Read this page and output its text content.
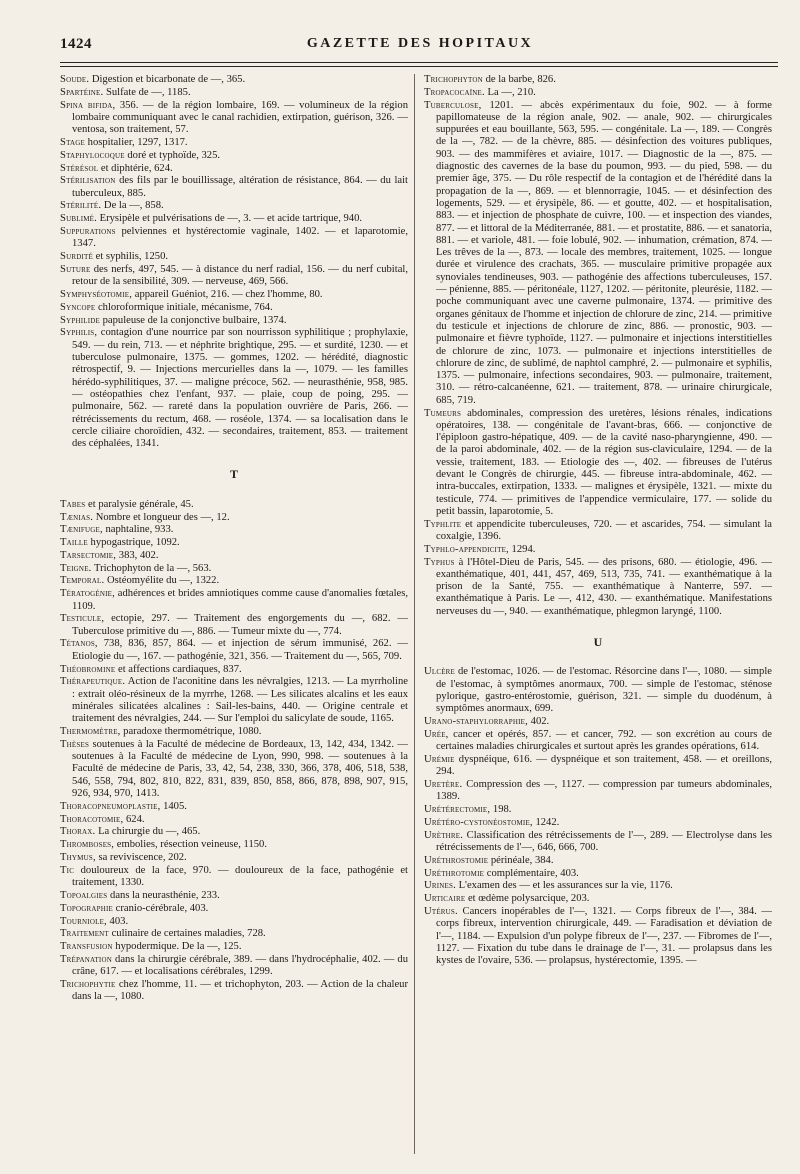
1424	GAZETTE DES HOPITAUX
Soude. Digestion et bicarbonate de —, 365.
Spartéine. Sulfate de —, 1185.
Spina bifida, 356. — de la région lombaire, 169. — volumineux de la région lombaire communiquant avec le canal rachidien, extirpation, guérison, 326. — ventosa, son traitement, 57.
Stage hospitalier, 1297, 1317.
Staphylocoque doré et typhoïde, 325.
Stérésol et diphtérie, 624.
Stérilisation des fils par le bouillissage, altération de résistance, 864. — du lait tuberculeux, 885.
Stérilité. De la —, 858.
Sublimé. Erysipèle et pulvérisations de —, 3. — et acide tartrique, 940.
Suppurations pelviennes et hystérectomie vaginale, 1402. — et laparotomie, 1347.
Surdité et syphilis, 1250.
Suture des nerfs, 497, 545. — à distance du nerf radial, 156. — du nerf cubital, retour de la sensibilité, 309. — nerveuse, 469, 566.
Symphyséotomie, appareil Guéniot, 216. — chez l'homme, 80.
Syncope chloroformique initiale, mécanisme, 764.
Syphilide papuleuse de la conjonctive bulbaire, 1374.
Syphilis, contagion d'une nourrice par son nourrisson syphilitique ; prophylaxie, 549. — du rein, 713. — et néphrite brightique, 295. — et surdité, 1230. — et tuberculose pulmonaire, 1375. — gommes, 1202. — hérédité, diagnostic rétrospectif, 9. — Injections mercurielles dans la —, 1079. — les familles hérédo-syphilitiques, 37. — maligne précoce, 562. — neurasthénie, 958, 985. — ostéopathies chez l'enfant, 937. — plaie, coup de poing, 295. — pulmonaire, 562. — rareté dans la population ouvrière de Paris, 266. — rétrécissements du rectum, 468. — roséole, 1374. — sa localisation dans le cercle ciliaire choroïdien, 432. — secondaires, traitement, 853. — traitement des céphalées, 1341.
T
Tabes et paralysie générale, 45.
Tænias. Nombre et longueur des —, 12.
Tænifuge, naphtaline, 933.
Taille hypogastrique, 1092.
Tarsectomie, 383, 402.
Teigne. Trichophyton de la —, 563.
Temporal. Ostéomyélite du —, 1322.
Tératogénie, adhérences et brides amniotiques comme cause d'anomalies fœtales, 1109.
Testicule, ectopie, 297. — Traitement des engorgements du —, 682. — Tuberculose primitive du —, 886. — Tumeur mixte du —, 774.
Tétanos, 738, 836, 857, 864. — et injection de sérum immunisé, 262. — Etiologie du —, 167. — pathogénie, 321, 356. — Traitement du —, 565, 709.
Théobromine et affections cardiaques, 837.
Thérapeutique. Action de l'aconitine dans les névralgies, 1213. — La myrrholine : extrait oléo-résineux de la myrrhe, 1268. — Les silicates alcalins et les eaux minérales silicatées alcalines : Sail-les-bains, 440. — Origine centrale et traitement des névralgies, 244. — Sur l'emploi du salicylate de soude, 1165.
Thermomètre, paradoxe thermométrique, 1080.
Thèses soutenues à la Faculté de médecine de Bordeaux, 13, 142, 434, 1342. — soutenues à la Faculté de médecine de Lyon, 990, 998. — soutenues à la Faculté de médecine de Paris, 33, 42, 54, 238, 330, 366, 378, 406, 518, 538, 546, 558, 794, 802, 810, 822, 831, 839, 850, 858, 866, 878, 898, 907, 915, 926, 934, 970, 1413.
Thoracopneumoplastie, 1405.
Thoracotomie, 624.
Thorax. La chirurgie du —, 465.
Thromboses, embolies, résection veineuse, 1150.
Thymus, sa reviviscence, 202.
Tic douloureux de la face, 970. — douloureux de la face, pathogénie et traitement, 1330.
Topoalgies dans la neurasthénie, 233.
Topographie cranio-cérébrale, 403.
Tourniole, 403.
Traitement culinaire de certaines maladies, 728.
Transfusion hypodermique. De la —, 125.
Trépanation dans la chirurgie cérébrale, 389. — dans l'hydrocéphalie, 402. — du crâne, 617. — et localisations cérébrales, 1299.
Trichophytie chez l'homme, 11. — et trichophyton, 203. — Action de la chaleur dans la —, 1080.
Trichophyton de la barbe, 826.
Tropacocaïne. La —, 210.
Tuberculose, 1201. — abcès expérimentaux du foie, 902. — à forme papillomateuse de la région anale, 902. — anale, 902. — chirurgicales suppurées et eau bouillante, 563, 595. — congénitale. La —, 189. — Congrès de la —, 782. — de la chèvre, 885. — désinfection des voitures publiques, 903. — des mammifères et aviaire, 1017. — Diagnostic de la —, 875. — diagnostic des cavernes de la base du poumon, 993. — du pied, 598. — du premier âge, 375. — Du rôle respectif de la contagion et de l'hérédité dans la propagation de la —, 869. — et blennorragie, 1045. — et désinfection des logements, 529. — et érysipèle, 86. — et goutte, 402. — et hospitalisation, 883. — et injection de phosphate de cuivre, 100. — et inspection des viandes, 877. — et littoral de la Méditerranée, 881. — et prostatite, 886. — et sanatoria, 881. — et variole, 481. — foie lobulé, 902. — inhumation, crémation, 874. — Les trêves de la —, 873. — locale des membres, traitement, 1025. — longue durée et virulence des crachats, 365. — musculaire primitive propagée aux synoviales tendineuses, 903. — pathogénie des affections tuberculeuses, 157. — pénienne, 885. — péritonéale, 1127, 1202. — péritonite, pleurésie, 1182. — poche communiquant avec une caverne pulmonaire, 1374. — primitive des organes génitaux de l'homme et injection de chlorure de zinc, 214. — primitive du testicule et injections de chlorure de zinc, 886. — pronostic, 903. — pulmonaire et fièvre typhoïde, 1127. — pulmonaire et injections interstitielles de chlorure de zinc, 1073. — pulmonaire et injections interstitielles de chlorure de zinc, de sublimé, de naphtol camphré, 2. — pulmonaire et syphilis, 1375. — pulmonaire, infections secondaires, 903. — pulmonaire, traitement, 310. — rétro-calcanéenne, 621. — traitement, 878. — urinaire chirurgicale, 685, 719.
Tumeurs abdominales, compression des uretères, lésions rénales, indications opératoires, 138. — congénitale de l'avant-bras, 666. — conjonctive de l'épiploon gastro-hépatique, 409. — de la cavité naso-pharyngienne, 490. — de la paroi abdominale, 402. — de la région sus-claviculaire, 1294. — de la vessie, traitement, 183. — Etiologie des —, 402. — fibreuses de l'utérus devant le Congrès de chirurgie, 445. — fibreuse intra-abdominale, 462. — intra-buccales, extirpation, 1333. — malignes et érysipèle, 1321. — mixte du testicule, 774. — primitives de l'appendice vermiculaire, 177. — solide du petit bassin, laparotomie, 5.
Typhlite et appendicite tuberculeuses, 720. — et ascarides, 754. — simulant la coxalgie, 1396.
Typhlo-appendicite, 1294.
Typhus à l'Hôtel-Dieu de Paris, 545. — des prisons, 680. — étiologie, 496. — exanthématique, 401, 441, 457, 469, 513, 735, 741. — exanthématique à la prison de la Santé, 755. — exanthématique à Nanterre, 597. — exanthématique à Paris. Le —, 412, 430. — exanthématique. Manifestations nerveuses du —, 940. — exanthématique, phlegmon laryngé, 1100.
U
Ulcère de l'estomac, 1026. — de l'estomac. Résorcine dans l'—, 1080. — simple de l'estomac, à symptômes anormaux, 700. — simple de l'estomac, sténose pylorique, gastro-entérostomie, guérison, 321. — simple du duodénum, à symptômes anormaux, 699.
Urano-staphylorraphie, 402.
Urée, cancer et opérés, 857. — et cancer, 792. — son excrétion au cours de certaines maladies chirurgicales et surtout après les grandes opérations, 614.
Urémie dyspnéique, 616. — dyspnéique et son traitement, 458. — et oreillons, 294.
Uretère. Compression des —, 1127. — compression par tumeurs abdominales, 1389.
Urétérectomie, 198.
Urétéro-cystonéostomie, 1242.
Urèthre. Classification des rétrécissements de l'—, 289. — Electrolyse dans les rétrécissements de l'—, 646, 666, 700.
Uréthrostomie périnéale, 384.
Uréthrotomie complémentaire, 403.
Urines. L'examen des — et les assurances sur la vie, 1176.
Urticaire et œdème polysarcique, 203.
Utérus. Cancers inopérables de l'—, 1321. — Corps fibreux de l'—, 384. — corps fibreux, intervention chirurgicale, 449. — Faradisation et déviation de l'—, 1184. — Expulsion d'un polype fibreux de l'—, 237. — Fibromes de l'—, 1127. — Fixation du tube dans le drainage de l'—, 31. — prolapsus dans les kystes de l'ovaire, 536. — prolapsus, hystérectomie, 1395. —
